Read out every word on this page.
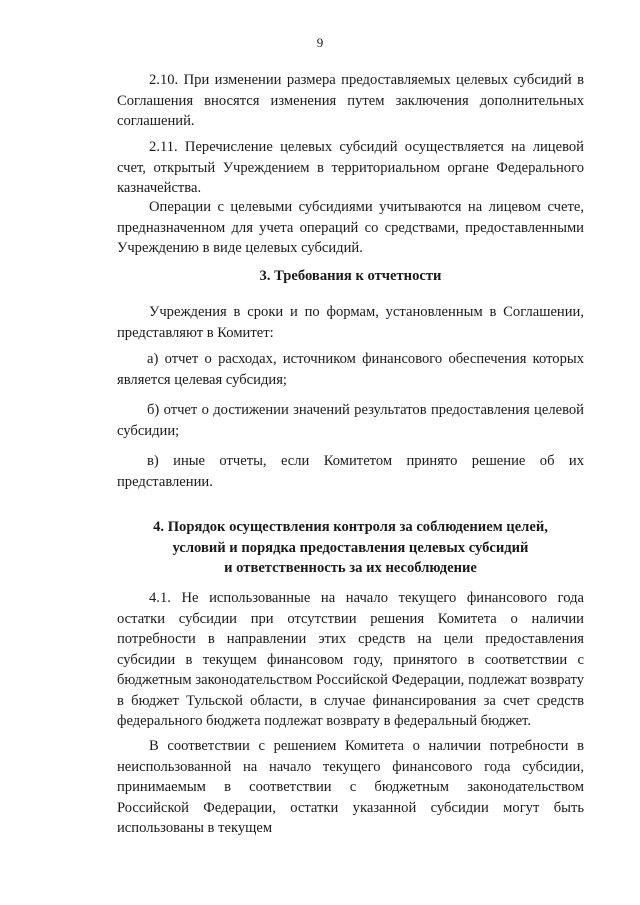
9
2.10. При изменении размера предоставляемых целевых субсидий в Соглашения вносятся изменения путем заключения дополнительных соглашений.
2.11. Перечисление целевых субсидий осуществляется на лицевой счет, открытый Учреждением в территориальном органе Федерального казначейства.
Операции с целевыми субсидиями учитываются на лицевом счете, предназначенном для учета операций со средствами, предоставленными Учреждению в виде целевых субсидий.
3. Требования к отчетности
Учреждения в сроки и по формам, установленным в Соглашении, представляют в Комитет:
а) отчет о расходах, источником финансового обеспечения которых является целевая субсидия;
б) отчет о достижении значений результатов предоставления целевой субсидии;
в) иные отчеты, если Комитетом принято решение об их представлении.
4. Порядок осуществления контроля за соблюдением целей,
условий и порядка предоставления целевых субсидий
и ответственность за их несоблюдение
4.1. Не использованные на начало текущего финансового года остатки субсидии при отсутствии решения Комитета о наличии потребности в направлении этих средств на цели предоставления субсидии в текущем финансовом году, принятого в соответствии с бюджетным законодательством Российской Федерации, подлежат возврату в бюджет Тульской области, в случае финансирования за счет средств федерального бюджета подлежат возврату в федеральный бюджет.
В соответствии с решением Комитета о наличии потребности в неиспользованной на начало текущего финансового года субсидии, принимаемым в соответствии с бюджетным законодательством Российской Федерации, остатки указанной субсидии могут быть использованы в текущем
